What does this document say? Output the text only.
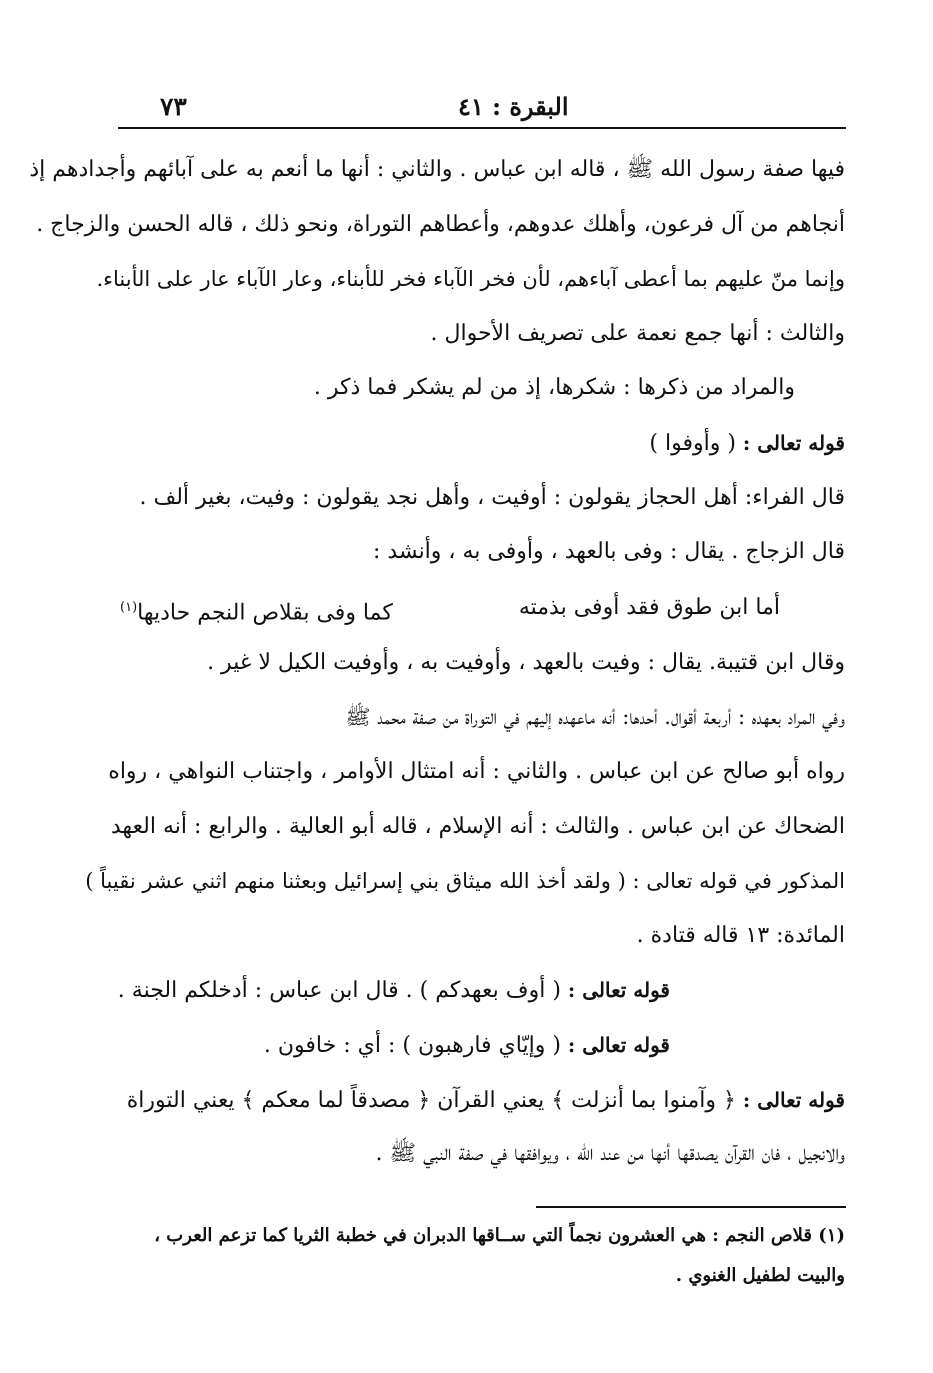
٧٣	البقرة : ٤١
فيها صفة رسول الله ﷺ ، قاله ابن عباس . والثاني : أنها ما أنعم به على آبائهم وأجدادهم إذ
أنجاهم من آل فرعون، وأهلك عدوهم، وأعطاهم التوراة، ونحو ذلك ، قاله الحسن والزجاج .
وإنما منّ عليهم بما أعطى آباءهم، لأن فخر الآباء فخر للأبناء، وعار الآباء عار على الأبناء.
والثالث : أنها جمع نعمة على تصريف الأحوال .
والمراد من ذكرها : شكرها، إذ من لم يشكر فما ذكر .
قوله تعالى : ( وأوفوا )
قال الفراء: أهل الحجاز يقولون : أوفيت ، وأهل نجد يقولون : وفيت، بغير ألف .
قال الزجاج . يقال : وفى بالعهد ، وأوفى به ، وأنشد :
أما ابن طوق فقد أوفى بذمته
كما وفى بقلاص النجم حاديها$^{(١)}$
وقال ابن قتيبة. يقال : وفيت بالعهد ، وأوفيت به ، وأوفيت الكيل لا غير .
وفي المراد بعهده : أربعة أقوال. أحدها: أنه ماعهده إليهم في التوراة من صفة محمد ﷺ
رواه أبو صالح عن ابن عباس . والثاني : أنه امتثال الأوامر ، واجتناب النواهي ، رواه
الضحاك عن ابن عباس . والثالث : أنه الإسلام ، قاله أبو العالية . والرابع : أنه العهد
المذكور في قوله تعالى : ( ولقد أخذ الله ميثاق بني إسرائيل وبعثنا منهم اثني عشر نقيباً )
المائدة: ١٣ قاله قتادة .
قوله تعالى : ( أوف بعهدكم ) . قال ابن عباس : أدخلكم الجنة .
قوله تعالى : ( وإيّاي فارهبون ) : أي : خافون .
قوله تعالى : ﴿ وآمنوا بما أنزلت ﴾ يعني القرآن ﴿ مصدقاً لما معكم ﴾ يعني التوراة
والانجيل ، فان القرآن يصدقها أنها من عند الله ، ويوافقها في صفة النبي ﷺ .
(١) قلاص النجم : هي العشرون نجماً التي ســاقها الدبران في خطبة الثريا كما تزعم العرب ،
والبيت لطفيل الغنوي .
